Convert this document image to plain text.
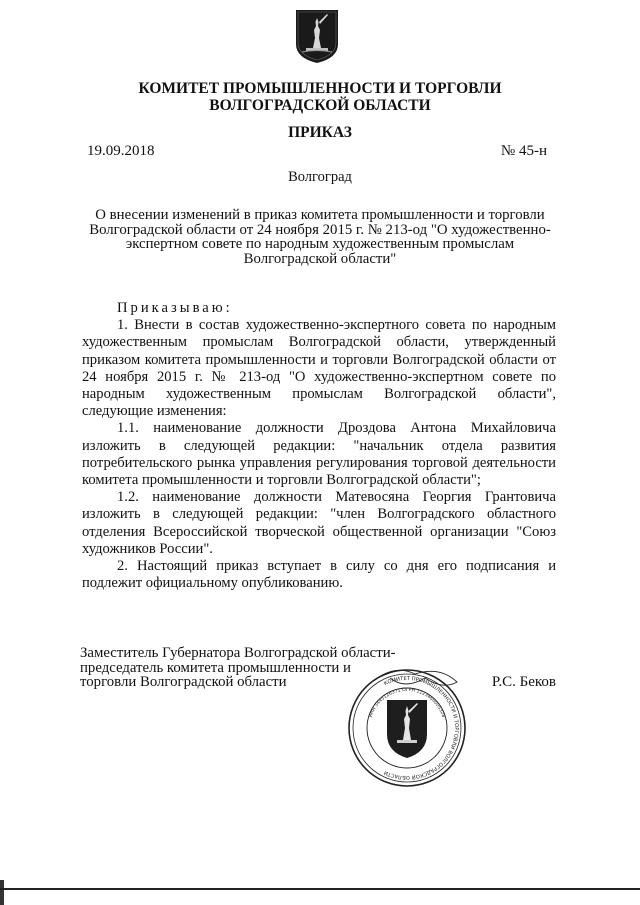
КОМИТЕТ ПРОМЫШЛЕННОСТИ И ТОРГОВЛИ
ВОЛГОГРАДСКОЙ ОБЛАСТИ
ПРИКАЗ
19.09.2018	№ 45-н
Волгоград
О внесении изменений в приказ комитета промышленности и торговли
Волгоградской области от 24 ноября 2015 г. № 213-од "О художественно-
экспертном совете по народным художественным промыслам
Волгоградской области"

Приказываю:

1. Внести в состав художественно-экспертного совета по народным художественным промыслам Волгоградской области, утвержденный приказом комитета промышленности и торговли Волгоградской области от 24 ноября 2015 г. № 213-од "О художественно-экспертном совете по народным художественным промыслам Волгоградской области", следующие изменения:

1.1. наименование должности Дроздова Антона Михайловича изложить в следующей редакции: "начальник отдела развития потребительского рынка управления регулирования торговой деятельности комитета промышленности и торговли Волгоградской области";

1.2. наименование должности Матевосяна Георгия Грантовича изложить в следующей редакции: "член Волгоградского областного отделения Всероссийской творческой общественной организации "Союз художников России".

2. Настоящий приказ вступает в силу со дня его подписания и подлежит официальному опубликованию.

Заместитель Губернатора Волгоградской области-
председатель комитета промышленности и
торговли Волгоградской области	Р.С. Беков
КОМИТЕТ ПРОМЫШЛЕННОСТИ И ТОРГОВЛИ ВОЛГОГРАДСКОЙ ОБЛАСТИ
ИНН 3445126371 ОГРН 1123460005328
